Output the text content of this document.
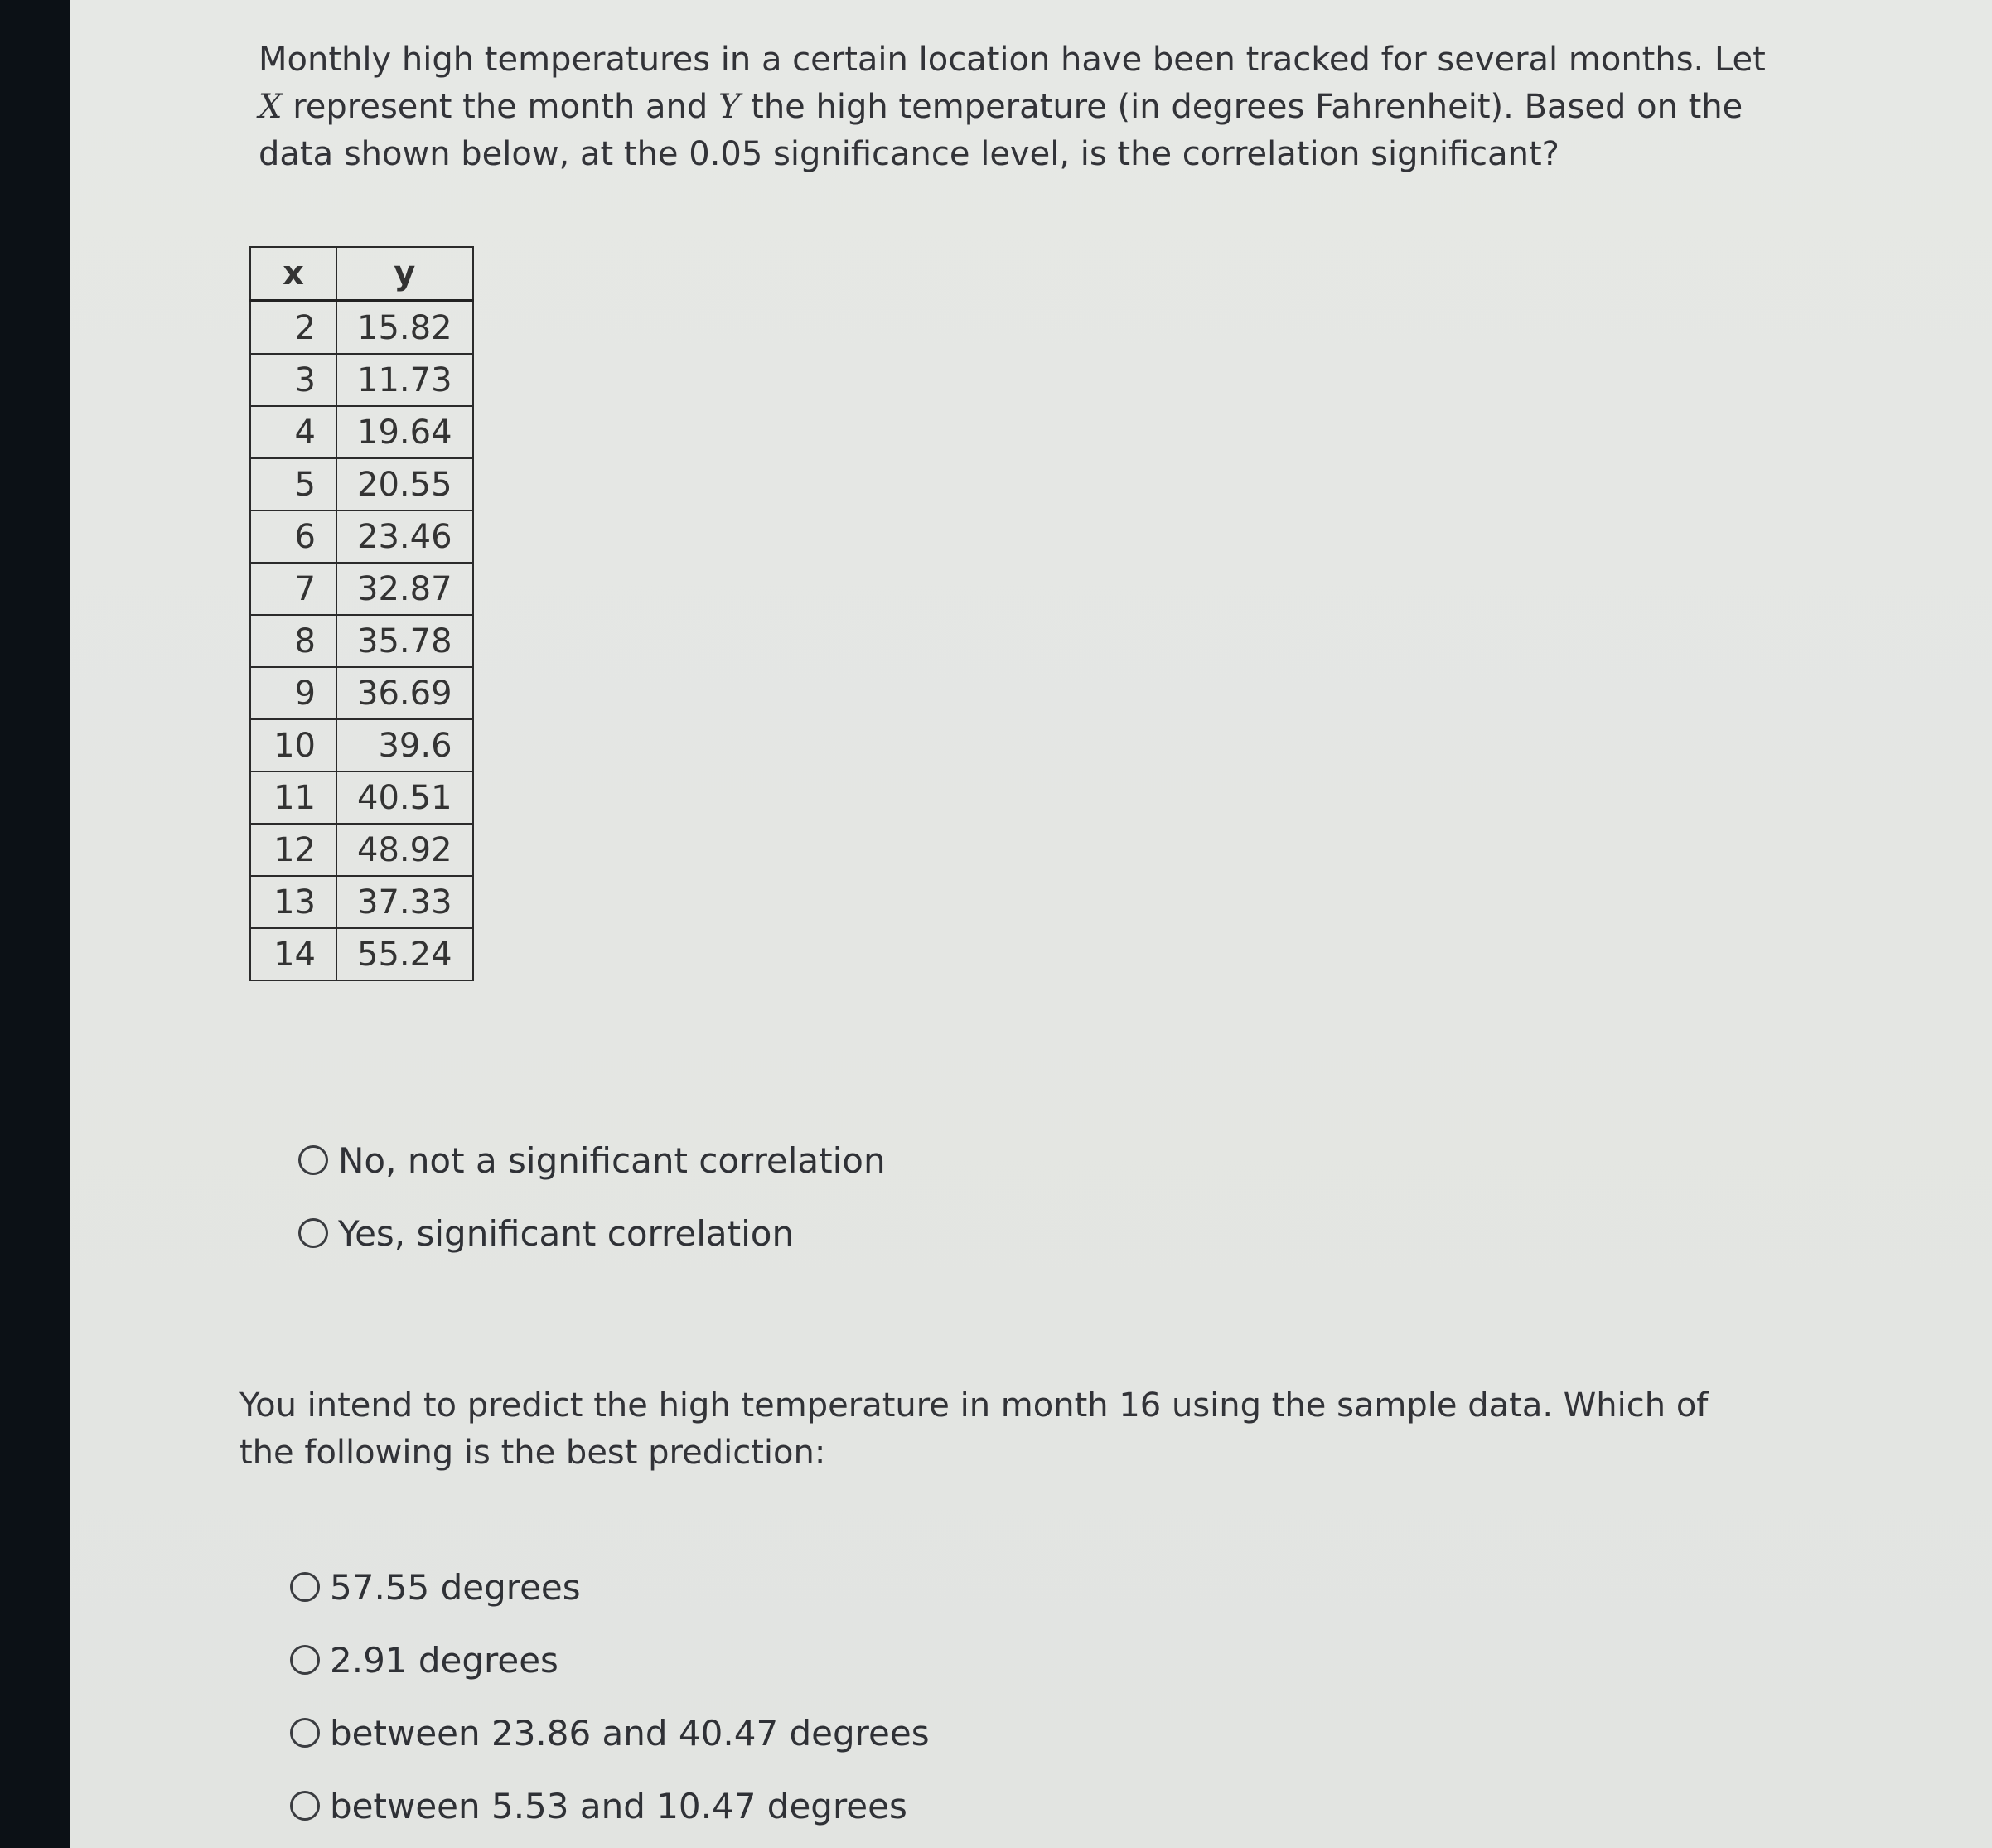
Monthly high temperatures in a certain location have been tracked for several months. Let X represent the month and Y the high temperature (in degrees Fahrenheit). Based on the data shown below, at the 0.05 significance level, is the correlation significant?
x	y
2	15.82
3	11.73
4	19.64
5	20.55
6	23.46
7	32.87
8	35.78
9	36.69
10	39.6
11	40.51
12	48.92
13	37.33
14	55.24
No, not a significant correlation
Yes, significant correlation
You intend to predict the high temperature in month 16 using the sample data. Which of the following is the best prediction:
57.55 degrees
2.91 degrees
between 23.86 and 40.47 degrees
between 5.53 and 10.47 degrees
